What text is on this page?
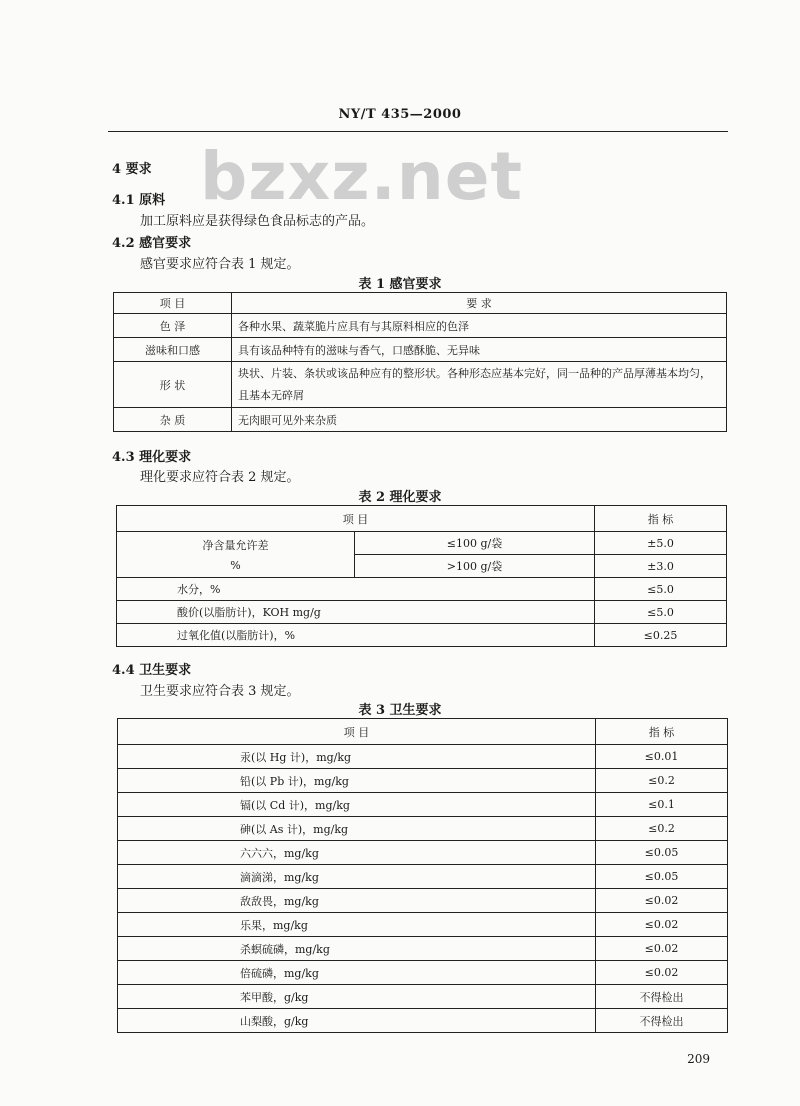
NY/T 435—2000
bzxz.net
4 要求
4.1 原料
加工原料应是获得绿色食品标志的产品。
4.2 感官要求
感官要求应符合表 1 规定。
表 1 感官要求
项 目	要 求
色 泽	各种水果、蔬菜脆片应具有与其原料相应的色泽
滋味和口感	具有该品种特有的滋味与香气，口感酥脆、无异味
形 状	块状、片装、条状或该品种应有的整形状。各种形态应基本完好，同一品种的产品厚薄基本均匀，且基本无碎屑
杂 质	无肉眼可见外来杂质
4.3 理化要求
理化要求应符合表 2 规定。
表 2 理化要求
项 目		指 标

净含量允许差
%	≤100 g/袋	±5.0
	>100 g/袋	±3.0
水分，%		≤5.0
酸价(以脂肪计)，KOH mg/g		≤5.0
过氧化值(以脂肪计)，%		≤0.25
4.4 卫生要求
卫生要求应符合表 3 规定。
表 3 卫生要求
项 目	指 标
汞(以 Hg 计)，mg/kg	≤0.01
铅(以 Pb 计)，mg/kg	≤0.2
镉(以 Cd 计)，mg/kg	≤0.1
砷(以 As 计)，mg/kg	≤0.2
六六六，mg/kg	≤0.05
滴滴涕，mg/kg	≤0.05
敌敌畏，mg/kg	≤0.02
乐果，mg/kg	≤0.02
杀螟硫磷，mg/kg	≤0.02
倍硫磷，mg/kg	≤0.02
苯甲酸，g/kg	不得检出
山梨酸，g/kg	不得检出
209
